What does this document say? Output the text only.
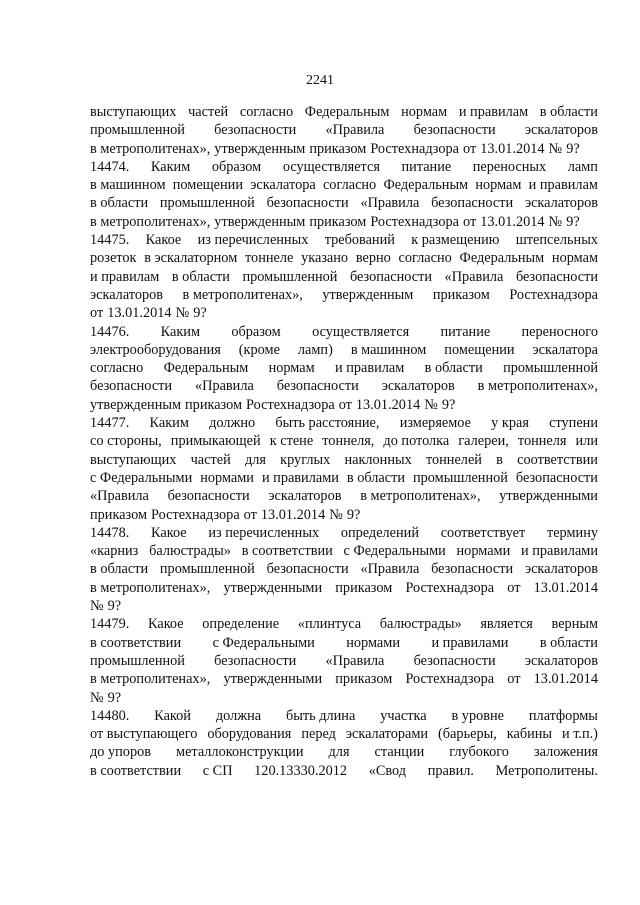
2241
выступающих частей согласно Федеральным нормам и правилам в области
промышленной безопасности «Правила безопасности эскалаторов
в метрополитенах», утвержденным приказом Ростехнадзора от 13.01.2014 № 9?
14474. Каким образом осуществляется питание переносных ламп
в машинном помещении эскалатора согласно Федеральным нормам и правилам
в области промышленной безопасности «Правила безопасности эскалаторов
в метрополитенах», утвержденным приказом Ростехнадзора от 13.01.2014 № 9?
14475. Какое из перечисленных требований к размещению штепсельных
розеток в эскалаторном тоннеле указано верно согласно Федеральным нормам
и правилам в области промышленной безопасности «Правила безопасности
эскалаторов в метрополитенах», утвержденным приказом Ростехнадзора
от 13.01.2014 № 9?
14476. Каким образом осуществляется питание переносного
электрооборудования (кроме ламп) в машинном помещении эскалатора
согласно Федеральным нормам и правилам в области промышленной
безопасности «Правила безопасности эскалаторов в метрополитенах»,
утвержденным приказом Ростехнадзора от 13.01.2014 № 9?
14477. Каким должно быть расстояние, измеряемое у края ступени
со стороны, примыкающей к стене тоннеля, до потолка галереи, тоннеля или
выступающих частей для круглых наклонных тоннелей в соответствии
с Федеральными нормами и правилами в области промышленной безопасности
«Правила безопасности эскалаторов в метрополитенах», утвержденными
приказом Ростехнадзора от 13.01.2014 № 9?
14478. Какое из перечисленных определений соответствует термину
«карниз балюстрады» в соответствии с Федеральными нормами и правилами
в области промышленной безопасности «Правила безопасности эскалаторов
в метрополитенах», утвержденными приказом Ростехнадзора от 13.01.2014
№ 9?
14479. Какое определение «плинтуса балюстрады» является верным
в соответствии с Федеральными нормами и правилами в области
промышленной безопасности «Правила безопасности эскалаторов
в метрополитенах», утвержденными приказом Ростехнадзора от 13.01.2014
№ 9?
14480. Какой должна быть длина участка в уровне платформы
от выступающего оборудования перед эскалаторами (барьеры, кабины и т.п.)
до упоров металлоконструкции для станции глубокого заложения
в соответствии с СП 120.13330.2012 «Свод правил. Метрополитены.
